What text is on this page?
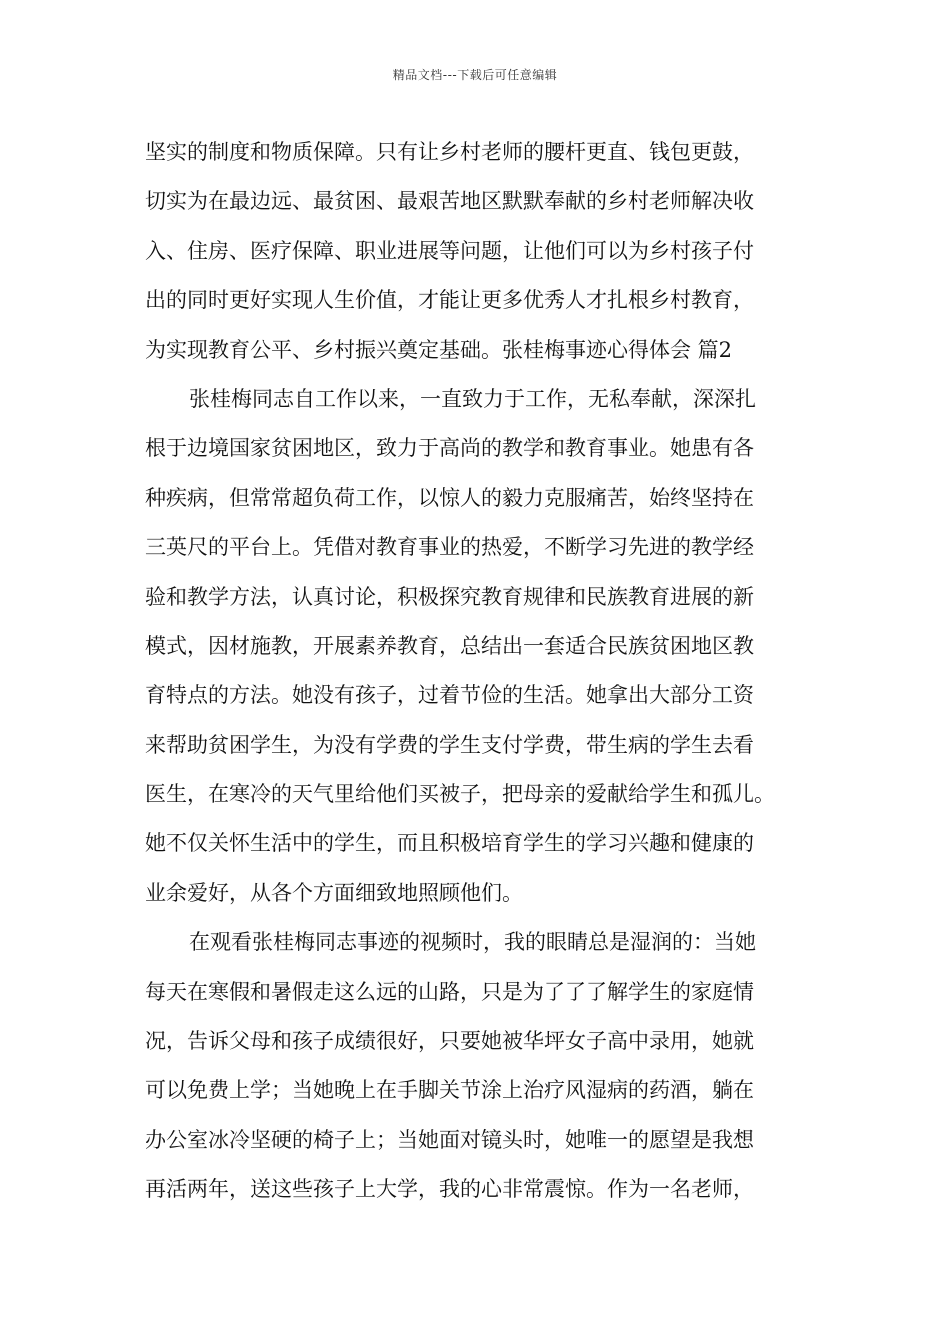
精品文档---下载后可任意编辑
坚实的制度和物质保障。只有让乡村老师的腰杆更直、钱包更鼓，
切实为在最边远、最贫困、最艰苦地区默默奉献的乡村老师解决收
入、住房、医疗保障、职业进展等问题，让他们可以为乡村孩子付
出的同时更好实现人生价值，才能让更多优秀人才扎根乡村教育，
为实现教育公平、乡村振兴奠定基础。张桂梅事迹心得体会 篇2
张桂梅同志自工作以来，一直致力于工作，无私奉献，深深扎
根于边境国家贫困地区，致力于高尚的教学和教育事业。她患有各
种疾病，但常常超负荷工作，以惊人的毅力克服痛苦，始终坚持在
三英尺的平台上。凭借对教育事业的热爱，不断学习先进的教学经
验和教学方法，认真讨论，积极探究教育规律和民族教育进展的新
模式，因材施教，开展素养教育，总结出一套适合民族贫困地区教
育特点的方法。她没有孩子，过着节俭的生活。她拿出大部分工资
来帮助贫困学生，为没有学费的学生支付学费，带生病的学生去看
医生，在寒冷的天气里给他们买被子，把母亲的爱献给学生和孤儿。
她不仅关怀生活中的学生，而且积极培育学生的学习兴趣和健康的
业余爱好，从各个方面细致地照顾他们。
在观看张桂梅同志事迹的视频时，我的眼睛总是湿润的：当她
每天在寒假和暑假走这么远的山路，只是为了了了解学生的家庭情
况，告诉父母和孩子成绩很好，只要她被华坪女子高中录用，她就
可以免费上学；当她晚上在手脚关节涂上治疗风湿病的药酒，躺在
办公室冰冷坚硬的椅子上；当她面对镜头时，她唯一的愿望是我想
再活两年，送这些孩子上大学，我的心非常震惊。作为一名老师，
